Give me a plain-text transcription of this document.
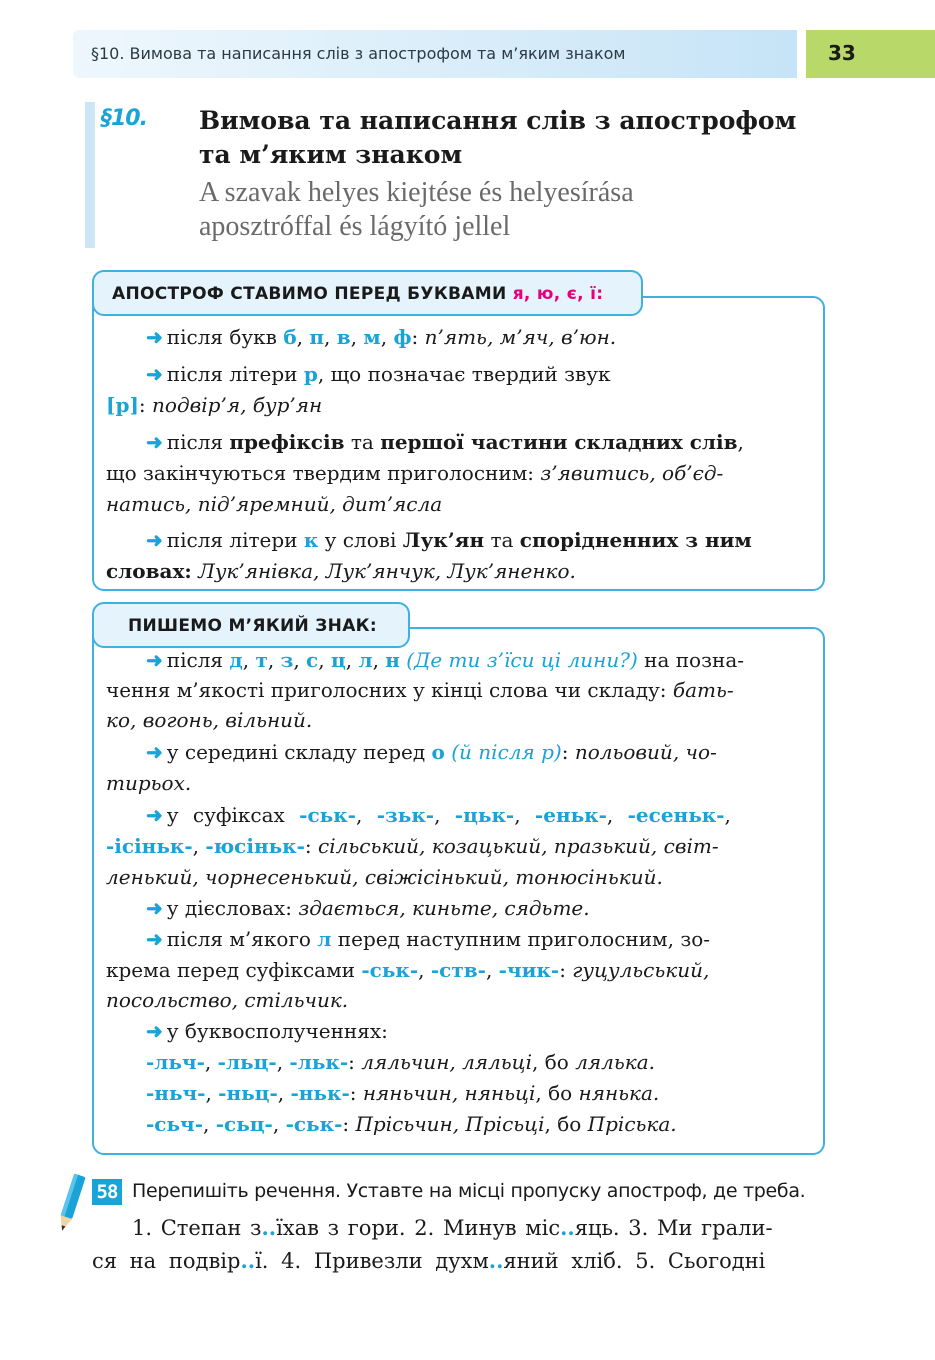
§10. Вимова та написання слів з апострофом та м’яким знаком	33
§10. Вимова та написання слів з апострофом
та м’яким знаком
A szavak helyes kiejtése és helyesírása
aposztróffal és lágyító jellel
АПОСТРОФ СТАВИМО ПЕРЕД БУКВАМИ я, ю, є, ї:
➜ після букв б, п, в, м, ф: п’ять, м’яч, в’юн.
➜ після літери р, що позначає твердий звук
[р]: подвір’я, бур’ян
➜ після префіксів та першої частини складних слів,
що закінчуються твердим приголосним: з’явитись, об’єд-
натись, під’яремний, дит’ясла
➜ після літери к у слові Лук’ян та спорідненних з ним
словах: Лук’янівка, Лук’янчук, Лук’яненко.
ПИШЕМО М’ЯКИЙ ЗНАК:
➜ після д, т, з, с, ц, л, н (Де ти з’їси ці лини?) на позна-
чення м’якості приголосних у кінці слова чи складу: бать-
ко, вогонь, вільний.
➜ у середині складу перед о (й після р): польовий, чо-
тирьох.
➜ у суфіксах -ськ-, -зьк-, -цьк-, -еньк-, -есеньк-,
-ісіньк-, -юсіньк-: сільський, козацький, празький, світ-
ленький, чорнесенький, свіжісінький, тонюсінький.
➜ у дієсловах: здається, киньте, сядьте.
➜ після м’якого л перед наступним приголосним, зо-
крема перед суфіксами -ськ-, -ств-, -чик-: гуцульський,
посольство, стільчик.
➜ у буквосполученнях:
-льч-, -льц-, -льк-: ляльчин, ляльці, бо лялька.
-ньч-, -ньц-, -ньк-: няньчин, няньці, бо нянька.
-сьч-, -сьц-, -ськ-: Прісьчин, Прісьці, бо Пріська.
58 Перепишіть речення. Уставте на місці пропуску апостроф, де треба.
1. Степан з..їхав з гори. 2. Минув міс..яць. 3. Ми грали-
ся на подвір..ї. 4. Привезли духм..яний хліб. 5. Сьогодні
